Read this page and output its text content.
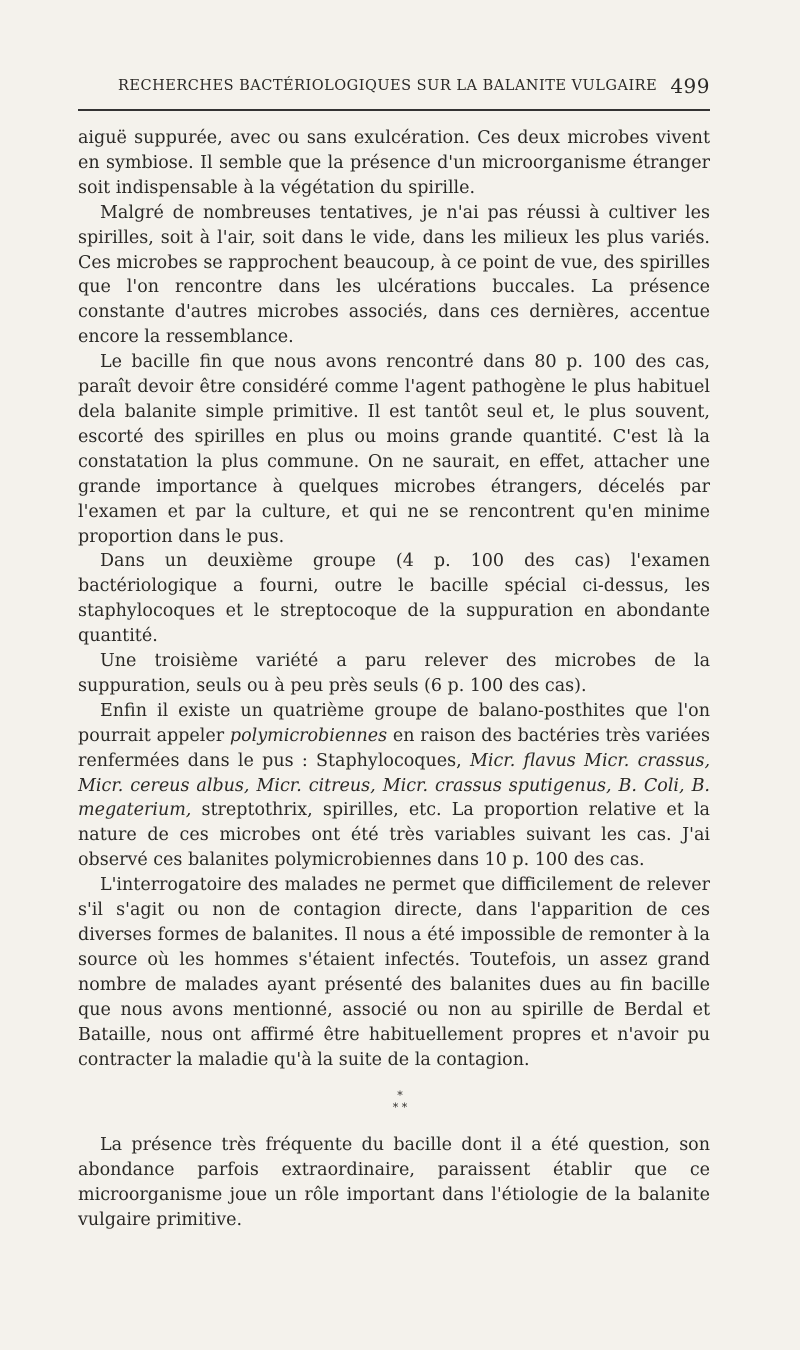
RECHERCHES BACTÉRIOLOGIQUES SUR LA BALANITE VULGAIRE 499

aiguë suppurée, avec ou sans exulcération. Ces deux microbes vivent en symbiose. Il semble que la présence d'un microorganisme étranger soit indispensable à la végétation du spirille.

Malgré de nombreuses tentatives, je n'ai pas réussi à cultiver les spirilles, soit à l'air, soit dans le vide, dans les milieux les plus variés. Ces microbes se rapprochent beaucoup, à ce point de vue, des spirilles que l'on rencontre dans les ulcérations buccales. La présence constante d'autres microbes associés, dans ces dernières, accentue encore la ressemblance.

Le bacille fin que nous avons rencontré dans 80 p. 100 des cas, paraît devoir être considéré comme l'agent pathogène le plus habituel dela balanite simple primitive. Il est tantôt seul et, le plus souvent, escorté des spirilles en plus ou moins grande quantité. C'est là la constatation la plus commune. On ne saurait, en effet, attacher une grande importance à quelques microbes étrangers, décelés par l'examen et par la culture, et qui ne se rencontrent qu'en minime proportion dans le pus.

Dans un deuxième groupe (4 p. 100 des cas) l'examen bactériologique a fourni, outre le bacille spécial ci-dessus, les staphylocoques et le streptocoque de la suppuration en abondante quantité.

Une troisième variété a paru relever des microbes de la suppuration, seuls ou à peu près seuls (6 p. 100 des cas).

Enfin il existe un quatrième groupe de balano-posthites que l'on pourrait appeler polymicrobiennes en raison des bactéries très variées renfermées dans le pus : Staphylocoques, Micr. flavus Micr. crassus, Micr. cereus albus, Micr. citreus, Micr. crassus sputigenus, B. Coli, B. megaterium, streptothrix, spirilles, etc. La proportion relative et la nature de ces microbes ont été très variables suivant les cas. J'ai observé ces balanites polymicrobiennes dans 10 p. 100 des cas.

L'interrogatoire des malades ne permet que difficilement de relever s'il s'agit ou non de contagion directe, dans l'apparition de ces diverses formes de balanites. Il nous a été impossible de remonter à la source où les hommes s'étaient infectés. Toutefois, un assez grand nombre de malades ayant présenté des balanites dues au fin bacille que nous avons mentionné, associé ou non au spirille de Berdal et Bataille, nous ont affirmé être habituellement propres et n'avoir pu contracter la maladie qu'à la suite de la contagion.

*
* *

La présence très fréquente du bacille dont il a été question, son abondance parfois extraordinaire, paraissent établir que ce microorganisme joue un rôle important dans l'étiologie de la balanite vulgaire primitive.
